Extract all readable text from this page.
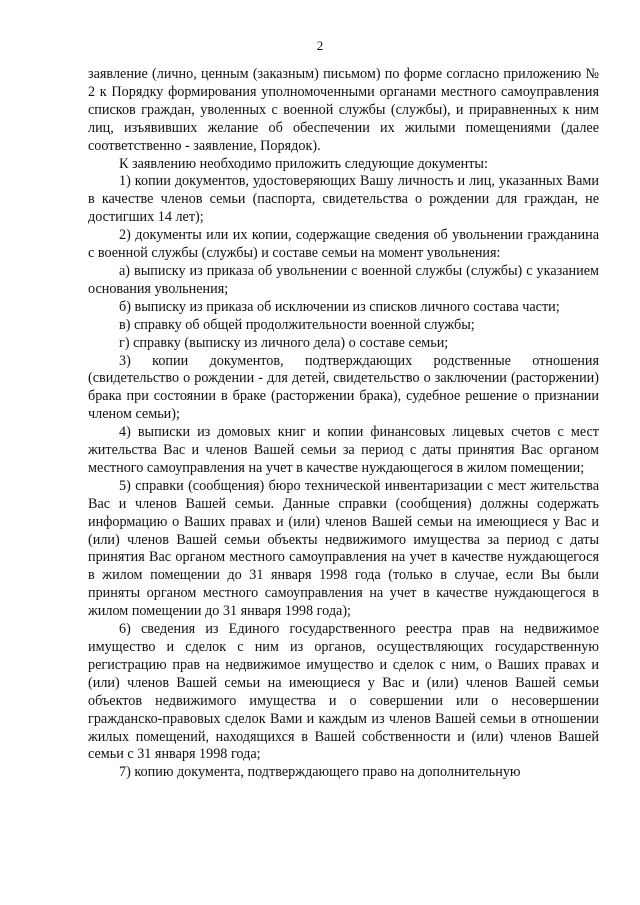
2

заявление (лично, ценным (заказным) письмом) по форме согласно приложению № 2 к Порядку формирования уполномоченными органами местного самоуправления списков граждан, уволенных с военной службы (службы), и приравненных к ним лиц, изъявивших желание об обеспечении их жилыми помещениями (далее соответственно - заявление, Порядок).

К заявлению необходимо приложить следующие документы:

1) копии документов, удостоверяющих Вашу личность и лиц, указанных Вами в качестве членов семьи (паспорта, свидетельства о рождении для граждан, не достигших 14 лет);

2) документы или их копии, содержащие сведения об увольнении гражданина с военной службы (службы) и составе семьи на момент увольнения:

а) выписку из приказа об увольнении с военной службы (службы) с указанием основания увольнения;

б) выписку из приказа об исключении из списков личного состава части;

в) справку об общей продолжительности военной службы;

г) справку (выписку из личного дела) о составе семьи;

3) копии документов, подтверждающих родственные отношения (свидетельство о рождении - для детей, свидетельство о заключении (расторжении) брака при состоянии в браке (расторжении брака), судебное решение о признании членом семьи);

4) выписки из домовых книг и копии финансовых лицевых счетов с мест жительства Вас и членов Вашей семьи за период с даты принятия Вас органом местного самоуправления на учет в качестве нуждающегося в жилом помещении;

5) справки (сообщения) бюро технической инвентаризации с мест жительства Вас и членов Вашей семьи. Данные справки (сообщения) должны содержать информацию о Ваших правах и (или) членов Вашей семьи на имеющиеся у Вас и (или) членов Вашей семьи объекты недвижимого имущества за период с даты принятия Вас органом местного самоуправления на учет в качестве нуждающегося в жилом помещении до 31 января 1998 года (только в случае, если Вы были приняты органом местного самоуправления на учет в качестве нуждающегося в жилом помещении до 31 января 1998 года);

6) сведения из Единого государственного реестра прав на недвижимое имущество и сделок с ним из органов, осуществляющих государственную регистрацию прав на недвижимое имущество и сделок с ним, о Ваших правах и (или) членов Вашей семьи на имеющиеся у Вас и (или) членов Вашей семьи объектов недвижимого имущества и о совершении или о несовершении гражданско-правовых сделок Вами и каждым из членов Вашей семьи в отношении жилых помещений, находящихся в Вашей собственности и (или) членов Вашей семьи с 31 января 1998 года;

7) копию документа, подтверждающего право на дополнительную
